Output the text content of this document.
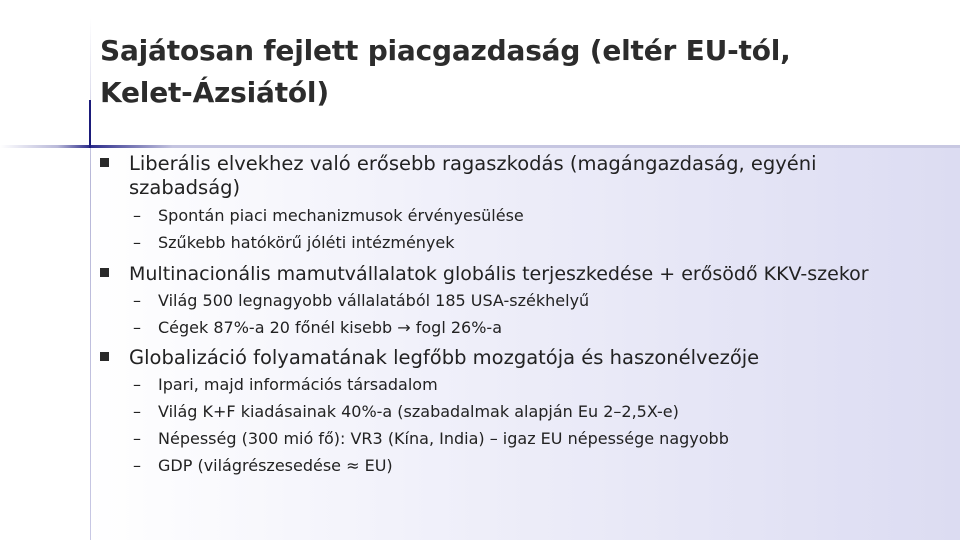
Sajátosan fejlett piacgazdaság (eltér EU-tól,
Kelet-Ázsiától)
Liberális elvekhez való erősebb ragaszkodás (magángazdaság, egyéni
szabadság)
– Spontán piaci mechanizmusok érvényesülése
– Szűkebb hatókörű jóléti intézmények
Multinacionális mamutvállalatok globális terjeszkedése + erősödő KKV-szekor
– Világ 500 legnagyobb vállalatából 185 USA-székhelyű
– Cégek 87%-a 20 főnél kisebb → fogl 26%-a
Globalizáció folyamatának legfőbb mozgatója és haszonélvezője
– Ipari, majd információs társadalom
– Világ K+F kiadásainak 40%-a (szabadalmak alapján Eu 2–2,5X-e)
– Népesség (300 mió fő): VR3 (Kína, India) – igaz EU népessége nagyobb
– GDP (világrészesedése ≈ EU)
